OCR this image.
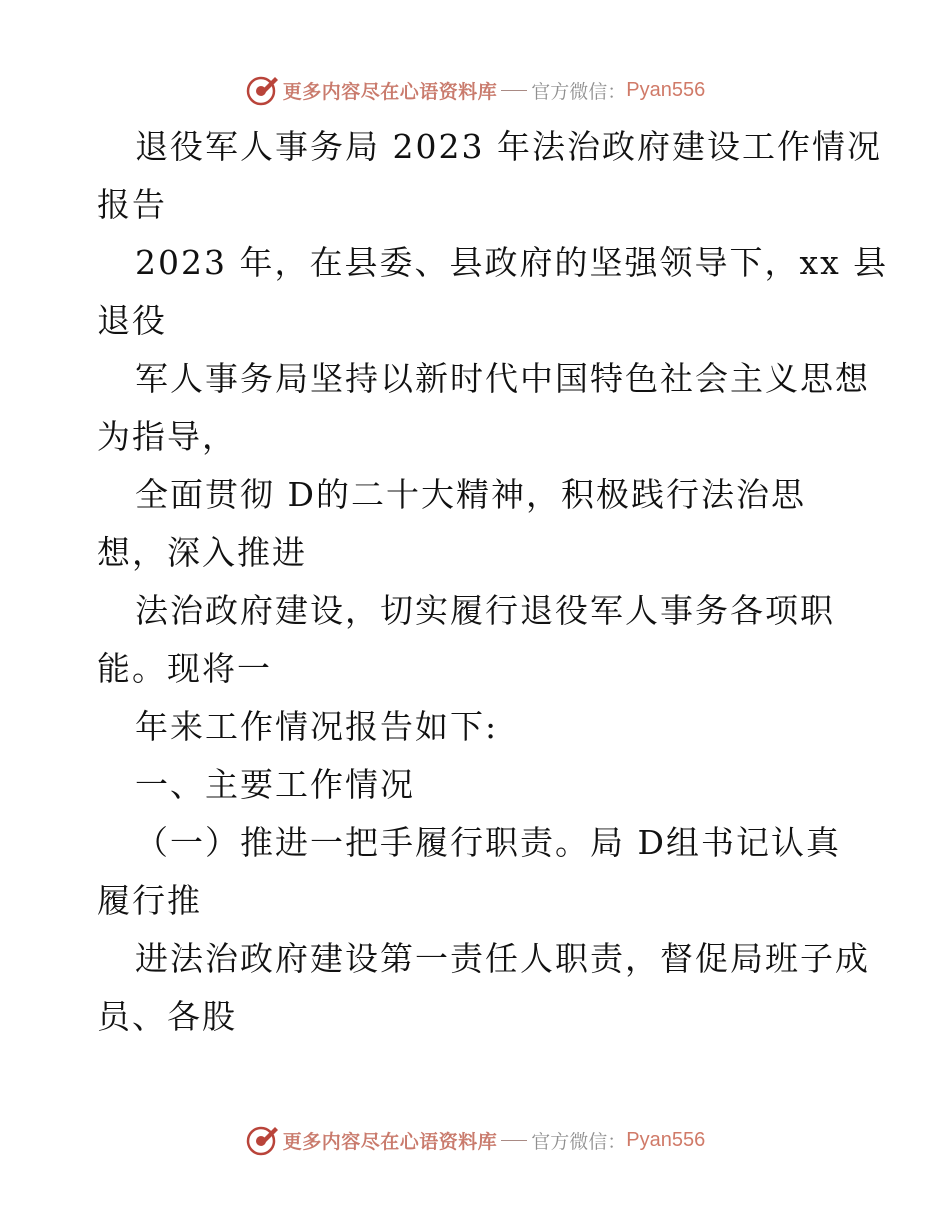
更多内容尽在心语资料库 官方微信： Pyan556
退役军人事务局 2023 年法治政府建设工作情况
报告
2023 年，在县委、县政府的坚强领导下，xx 县
退役
军人事务局坚持以新时代中国特色社会主义思想
为指导，
全面贯彻 D的二十大精神，积极践行法治思
想，深入推进
法治政府建设，切实履行退役军人事务各项职
能。现将一
年来工作情况报告如下:
一、主要工作情况
（一）推进一把手履行职责。局 D组书记认真
履行推
进法治政府建设第一责任人职责，督促局班子成
员、各股
更多内容尽在心语资料库 官方微信： Pyan556
